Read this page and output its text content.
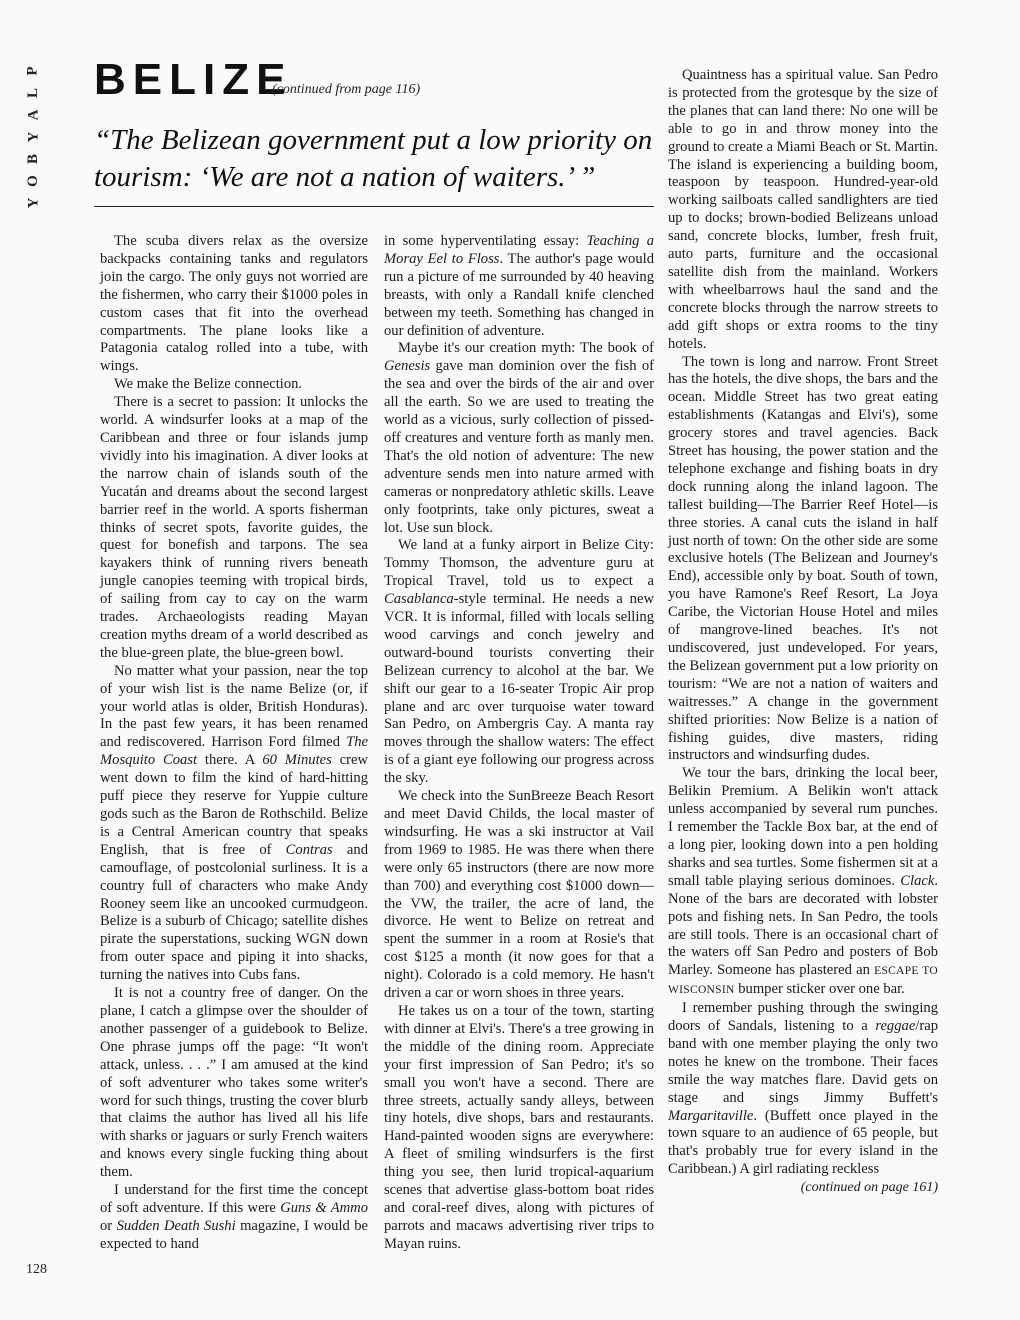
P
L
A
Y
B
O
Y
BELIZE
(continued from page 116)

“The Belizean government put a low priority on tourism: ‘We are not a nation of waiters.’ ”

The scuba divers relax as the oversize backpacks containing tanks and regulators join the cargo. The only guys not worried are the fishermen, who carry their $1000 poles in custom cases that fit into the overhead compartments. The plane looks like a Patagonia catalog rolled into a tube, with wings.

We make the Belize connection.

There is a secret to passion: It unlocks the world. A windsurfer looks at a map of the Caribbean and three or four islands jump vividly into his imagination. A diver looks at the narrow chain of islands south of the Yucatán and dreams about the second largest barrier reef in the world. A sports fisherman thinks of secret spots, favorite guides, the quest for bonefish and tarpons. The sea kayakers think of running rivers beneath jungle canopies teeming with tropical birds, of sailing from cay to cay on the warm trades. Archaeologists reading Mayan creation myths dream of a world described as the blue-green plate, the blue-green bowl.

No matter what your passion, near the top of your wish list is the name Belize (or, if your world atlas is older, British Honduras). In the past few years, it has been renamed and rediscovered. Harrison Ford filmed The Mosquito Coast there. A 60 Minutes crew went down to film the kind of hard-hitting puff piece they reserve for Yuppie culture gods such as the Baron de Rothschild. Belize is a Central American country that speaks English, that is free of Contras and camouflage, of postcolonial surliness. It is a country full of characters who make Andy Rooney seem like an uncooked curmudgeon. Belize is a suburb of Chicago; satellite dishes pirate the superstations, sucking WGN down from outer space and piping it into shacks, turning the natives into Cubs fans.

It is not a country free of danger. On the plane, I catch a glimpse over the shoulder of another passenger of a guidebook to Belize. One phrase jumps off the page: “It won't attack, unless. . . .” I am amused at the kind of soft adventurer who takes some writer's word for such things, trusting the cover blurb that claims the author has lived all his life with sharks or jaguars or surly French waiters and knows every single fucking thing about them.

I understand for the first time the concept of soft adventure. If this were Guns & Ammo or Sudden Death Sushi magazine, I would be expected to hand

in some hyperventilating essay: Teaching a Moray Eel to Floss. The author's page would run a picture of me surrounded by 40 heaving breasts, with only a Randall knife clenched between my teeth. Something has changed in our definition of adventure.

Maybe it's our creation myth: The book of Genesis gave man dominion over the fish of the sea and over the birds of the air and over all the earth. So we are used to treating the world as a vicious, surly collection of pissed-off creatures and venture forth as manly men. That's the old notion of adventure: The new adventure sends men into nature armed with cameras or nonpredatory athletic skills. Leave only footprints, take only pictures, sweat a lot. Use sun block.

We land at a funky airport in Belize City: Tommy Thomson, the adventure guru at Tropical Travel, told us to expect a Casablanca-style terminal. He needs a new VCR. It is informal, filled with locals selling wood carvings and conch jewelry and outward-bound tourists converting their Belizean currency to alcohol at the bar. We shift our gear to a 16-seater Tropic Air prop plane and arc over turquoise water toward San Pedro, on Ambergris Cay. A manta ray moves through the shallow waters: The effect is of a giant eye following our progress across the sky.

We check into the SunBreeze Beach Resort and meet David Childs, the local master of windsurfing. He was a ski instructor at Vail from 1969 to 1985. He was there when there were only 65 instructors (there are now more than 700) and everything cost $1000 down—the VW, the trailer, the acre of land, the divorce. He went to Belize on retreat and spent the summer in a room at Rosie's that cost $125 a month (it now goes for that a night). Colorado is a cold memory. He hasn't driven a car or worn shoes in three years.

He takes us on a tour of the town, starting with dinner at Elvi's. There's a tree growing in the middle of the dining room. Appreciate your first impression of San Pedro; it's so small you won't have a second. There are three streets, actually sandy alleys, between tiny hotels, dive shops, bars and restaurants. Hand-painted wooden signs are everywhere: A fleet of smiling windsurfers is the first thing you see, then lurid tropical-aquarium scenes that advertise glass-bottom boat rides and coral-reef dives, along with pictures of parrots and macaws advertising river trips to Mayan ruins.

Quaintness has a spiritual value. San Pedro is protected from the grotesque by the size of the planes that can land there: No one will be able to go in and throw money into the ground to create a Miami Beach or St. Martin. The island is experiencing a building boom, teaspoon by teaspoon. Hundred-year-old working sailboats called sandlighters are tied up to docks; brown-bodied Belizeans unload sand, concrete blocks, lumber, fresh fruit, auto parts, furniture and the occasional satellite dish from the mainland. Workers with wheelbarrows haul the sand and the concrete blocks through the narrow streets to add gift shops or extra rooms to the tiny hotels.

The town is long and narrow. Front Street has the hotels, the dive shops, the bars and the ocean. Middle Street has two great eating establishments (Katangas and Elvi's), some grocery stores and travel agencies. Back Street has housing, the power station and the telephone exchange and fishing boats in dry dock running along the inland lagoon. The tallest building—The Barrier Reef Hotel—is three stories. A canal cuts the island in half just north of town: On the other side are some exclusive hotels (The Belizean and Journey's End), accessible only by boat. South of town, you have Ramone's Reef Resort, La Joya Caribe, the Victorian House Hotel and miles of mangrove-lined beaches. It's not undiscovered, just undeveloped. For years, the Belizean government put a low priority on tourism: “We are not a nation of waiters and waitresses.” A change in the government shifted priorities: Now Belize is a nation of fishing guides, dive masters, riding instructors and windsurfing dudes.

We tour the bars, drinking the local beer, Belikin Premium. A Belikin won't attack unless accompanied by several rum punches. I remember the Tackle Box bar, at the end of a long pier, looking down into a pen holding sharks and sea turtles. Some fishermen sit at a small table playing serious dominoes. Clack. None of the bars are decorated with lobster pots and fishing nets. In San Pedro, the tools are still tools. There is an occasional chart of the waters off San Pedro and posters of Bob Marley. Someone has plastered an ESCAPE TO WISCONSIN bumper sticker over one bar.

I remember pushing through the swinging doors of Sandals, listening to a reggae/rap band with one member playing the only two notes he knew on the trombone. Their faces smile the way matches flare. David gets on stage and sings Jimmy Buffett's Margaritaville. (Buffett once played in the town square to an audience of 65 people, but that's probably true for every island in the Caribbean.) A girl radiating reckless

(continued on page 161)
128
